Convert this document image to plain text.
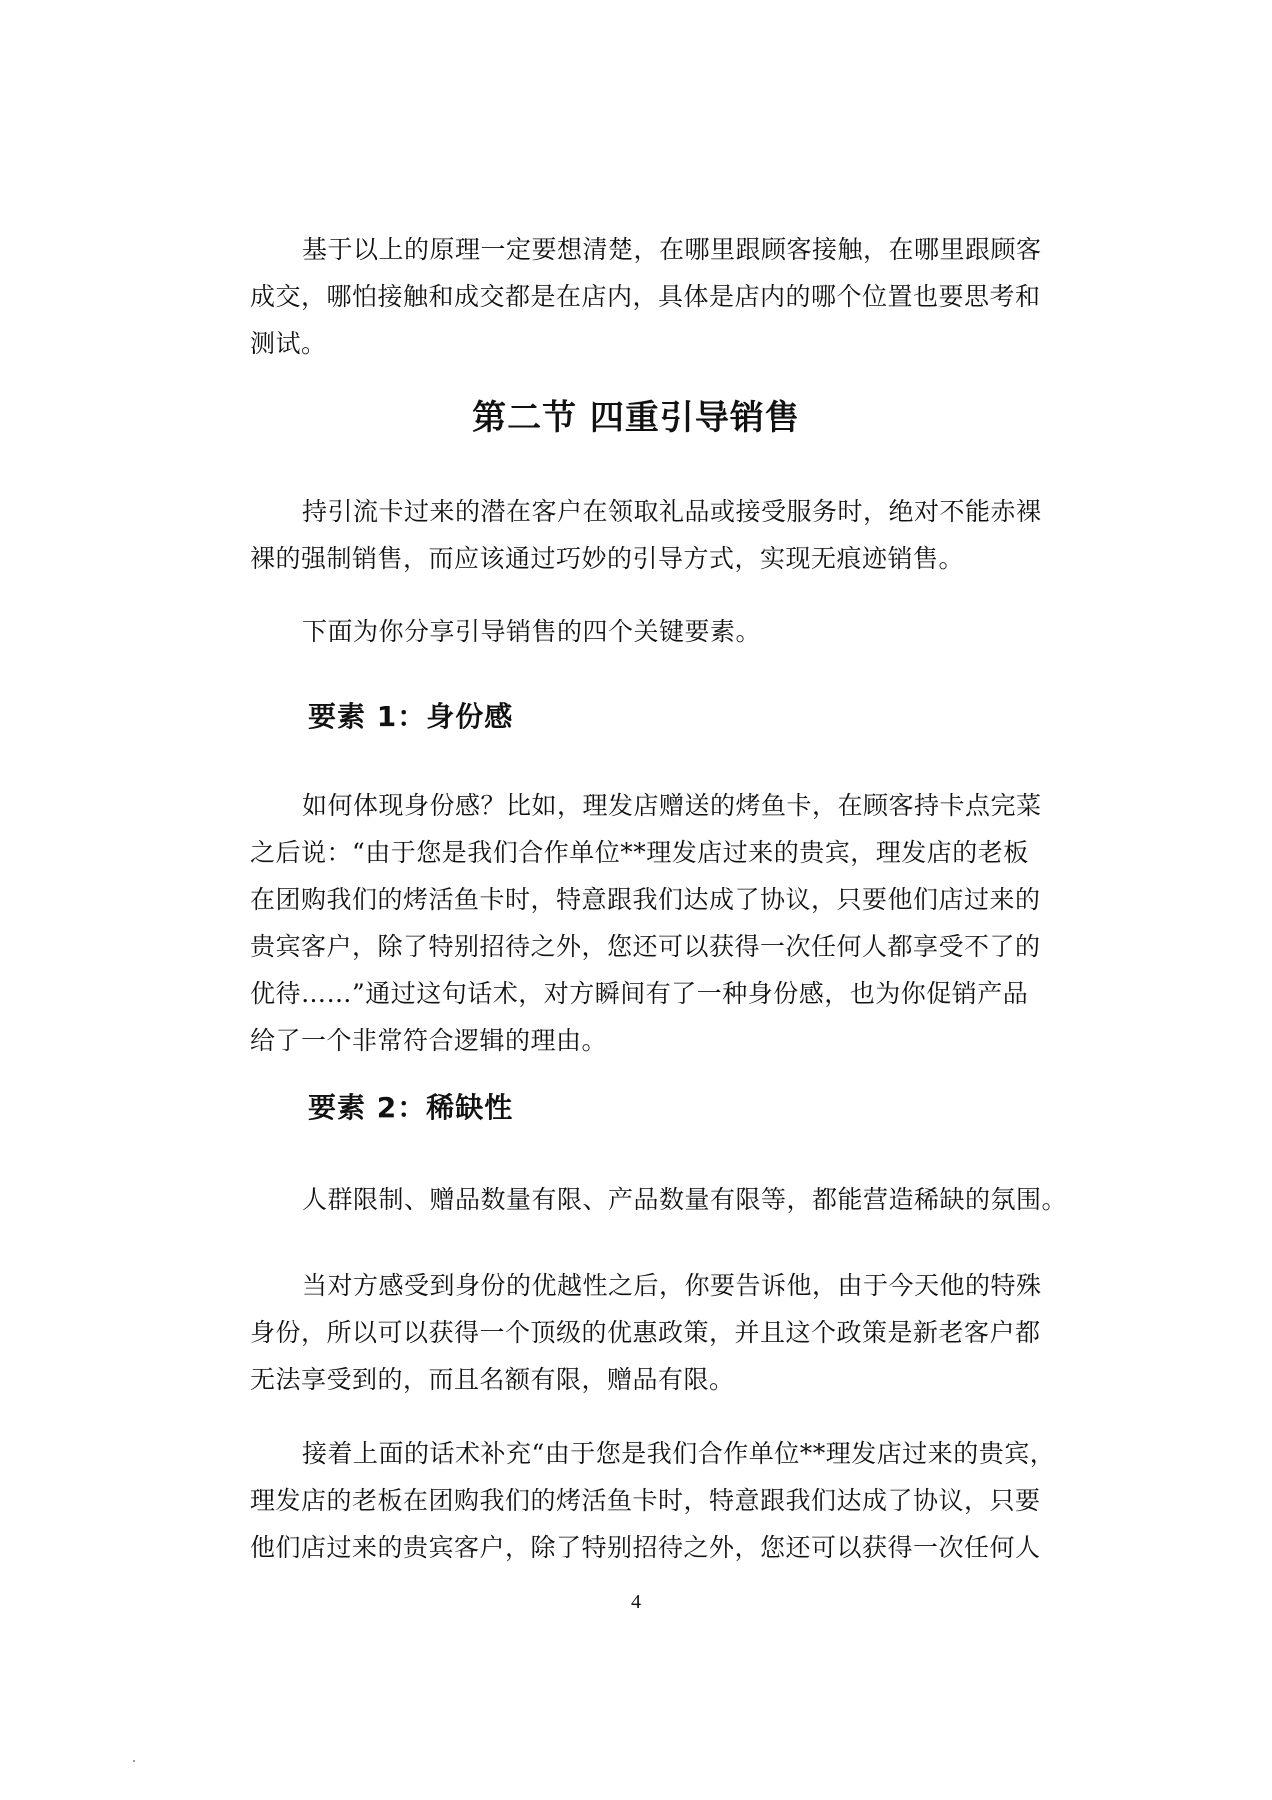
基于以上的原理一定要想清楚，在哪里跟顾客接触，在哪里跟顾客
成交，哪怕接触和成交都是在店内，具体是店内的哪个位置也要思考和
测试。
第二节 四重引导销售
持引流卡过来的潜在客户在领取礼品或接受服务时，绝对不能赤裸
裸的强制销售，而应该通过巧妙的引导方式，实现无痕迹销售。
下面为你分享引导销售的四个关键要素。
要素 1：身份感
如何体现身份感？比如，理发店赠送的烤鱼卡，在顾客持卡点完菜
之后说：“由于您是我们合作单位**理发店过来的贵宾，理发店的老板
在团购我们的烤活鱼卡时，特意跟我们达成了协议，只要他们店过来的
贵宾客户，除了特别招待之外，您还可以获得一次任何人都享受不了的
优待……”通过这句话术，对方瞬间有了一种身份感，也为你促销产品
给了一个非常符合逻辑的理由。
要素 2：稀缺性
人群限制、赠品数量有限、产品数量有限等，都能营造稀缺的氛围。
当对方感受到身份的优越性之后，你要告诉他，由于今天他的特殊
身份，所以可以获得一个顶级的优惠政策，并且这个政策是新老客户都
无法享受到的，而且名额有限，赠品有限。
接着上面的话术补充“由于您是我们合作单位**理发店过来的贵宾，
理发店的老板在团购我们的烤活鱼卡时，特意跟我们达成了协议，只要
他们店过来的贵宾客户，除了特别招待之外，您还可以获得一次任何人
4
